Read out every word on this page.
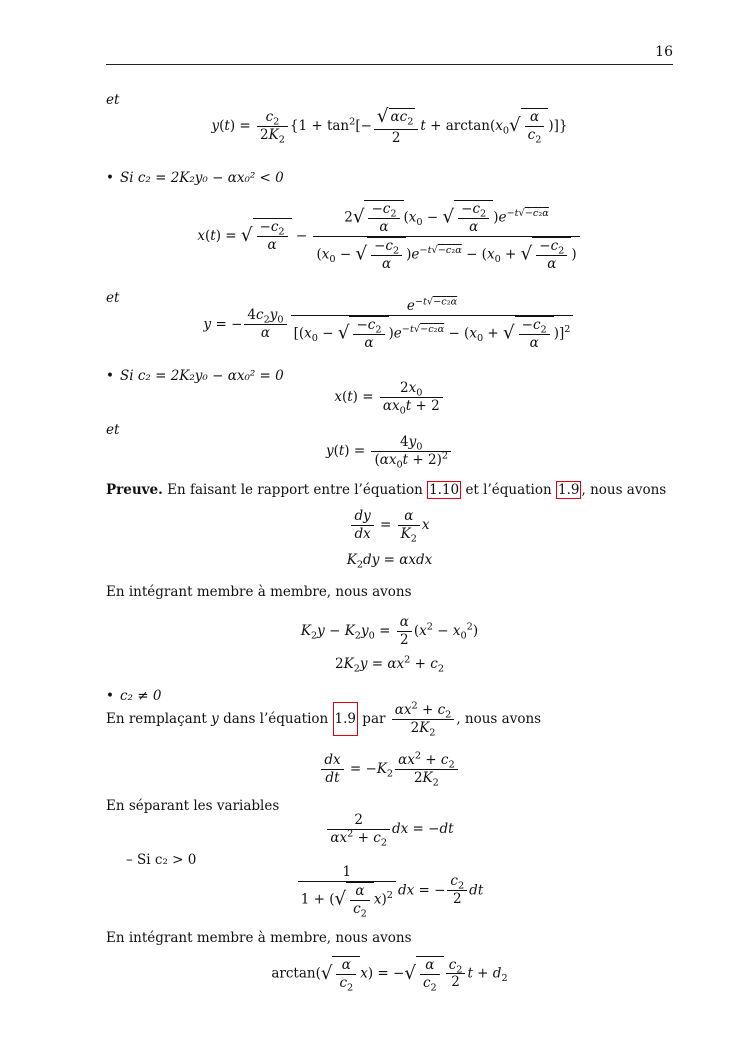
16
et
$y(t) = \frac{c_2}{2K_2} \{1 + \tan^2[- \frac{√ \alpha c_2}{2}$ $t + \arctan(x_0√ \frac{\alpha}{c_2}$ )]}
• Si c₂ = 2K₂y₀ − αx₀² < 0
x(t) = √ $\frac{-c_2}{\alpha} - \frac{2√ \frac{-c_2}{\alpha} (x_0 - √ \frac{-c_2}{\alpha} )e^{-t√-c_2\alpha}}{(x_0 - √ \frac{-c_2}{\alpha} )e^{-t√-c_2\alpha} - (x_0 + √ \frac{-c_2}{\alpha} )}$
et
y = − $\frac{4c_2y_0}{\alpha} \frac{e^{-t√-c_2\alpha}}{[(x_0 - √ \frac{-c_2}{\alpha} )e^{-t√-c_2\alpha} - (x_0 + √ \frac{-c_2}{\alpha} )]^2}$
• Si c₂ = 2K₂y₀ − αx₀² = 0
$x(t) = \frac{2x_0}{\alpha x_0t + 2}$
et
$y(t) = \frac{4y_0}{(\alpha x_0t + 2)^2}$
Preuve. En faisant le rapport entre l’équation 1.10 et l’équation 1.9 , nous avons
$\frac{dy}{dx} = \frac{\alpha}{K_2}$ x
$K_2dy = \alpha xdx$
En intégrant membre à membre, nous avons
$K_2y - K_2y_0 = \frac{\alpha}{2} (x^2 - x_0^2)$
$2K_2y = \alpha x^2 + c_2$
• c₂ ≠ 0
En remplaçant y dans l’équation 1.9 par $\frac{\alpha x^2 + c_2}{2K_2}$ , nous avons
$\frac{dx}{dt} = -K_2 \frac{\alpha x^2 + c_2}{2K_2}$
En séparant les variables
$\frac{2}{\alpha x^2 + c_2}$ dx = −dt
– Si c₂ > 0
$\frac{1}{1 + (√ \frac{\alpha}{c_2} x)^2}$ dx = − $\frac{c_2}{2}$ dt
En intégrant membre à membre, nous avons
$\arctan(√ \frac{\alpha}{c_2} x)$ = −√ $\frac{\alpha}{c_2} \frac{c_2}{2}$ $t + d_2$
